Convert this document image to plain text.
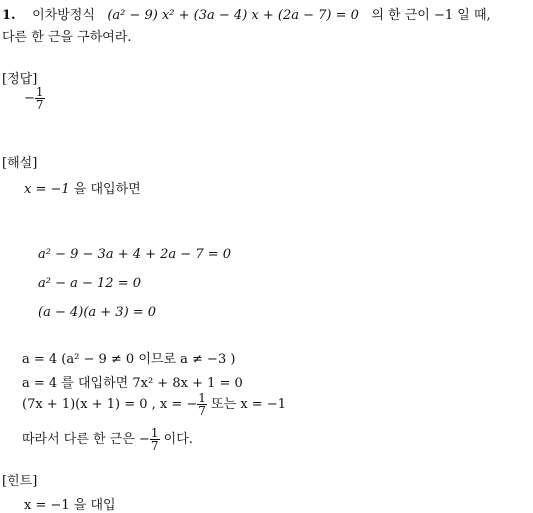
1. 이차방정식 (a² − 9) x² + (3a − 4) x + (2a − 7) = 0 의 한 근이 −1 일 때,
다른 한 근을 구하여라.
[정답]
− $\frac{1}{7}$
[해설]
x = −1 을 대입하면
a² − 9 − 3a + 4 + 2a − 7 = 0
a² − a − 12 = 0
(a − 4)(a + 3) = 0
a = 4 (a² − 9 ≠ 0 이므로 a ≠ −3 )
a = 4 를 대입하면 7x² + 8x + 1 = 0
(7x + 1)(x + 1) = 0 , x = − $\frac{1}{7}$ 또는 x = −1
따라서 다른 한 근은 − $\frac{1}{7}$ 이다.
[힌트]
x = −1 을 대입
